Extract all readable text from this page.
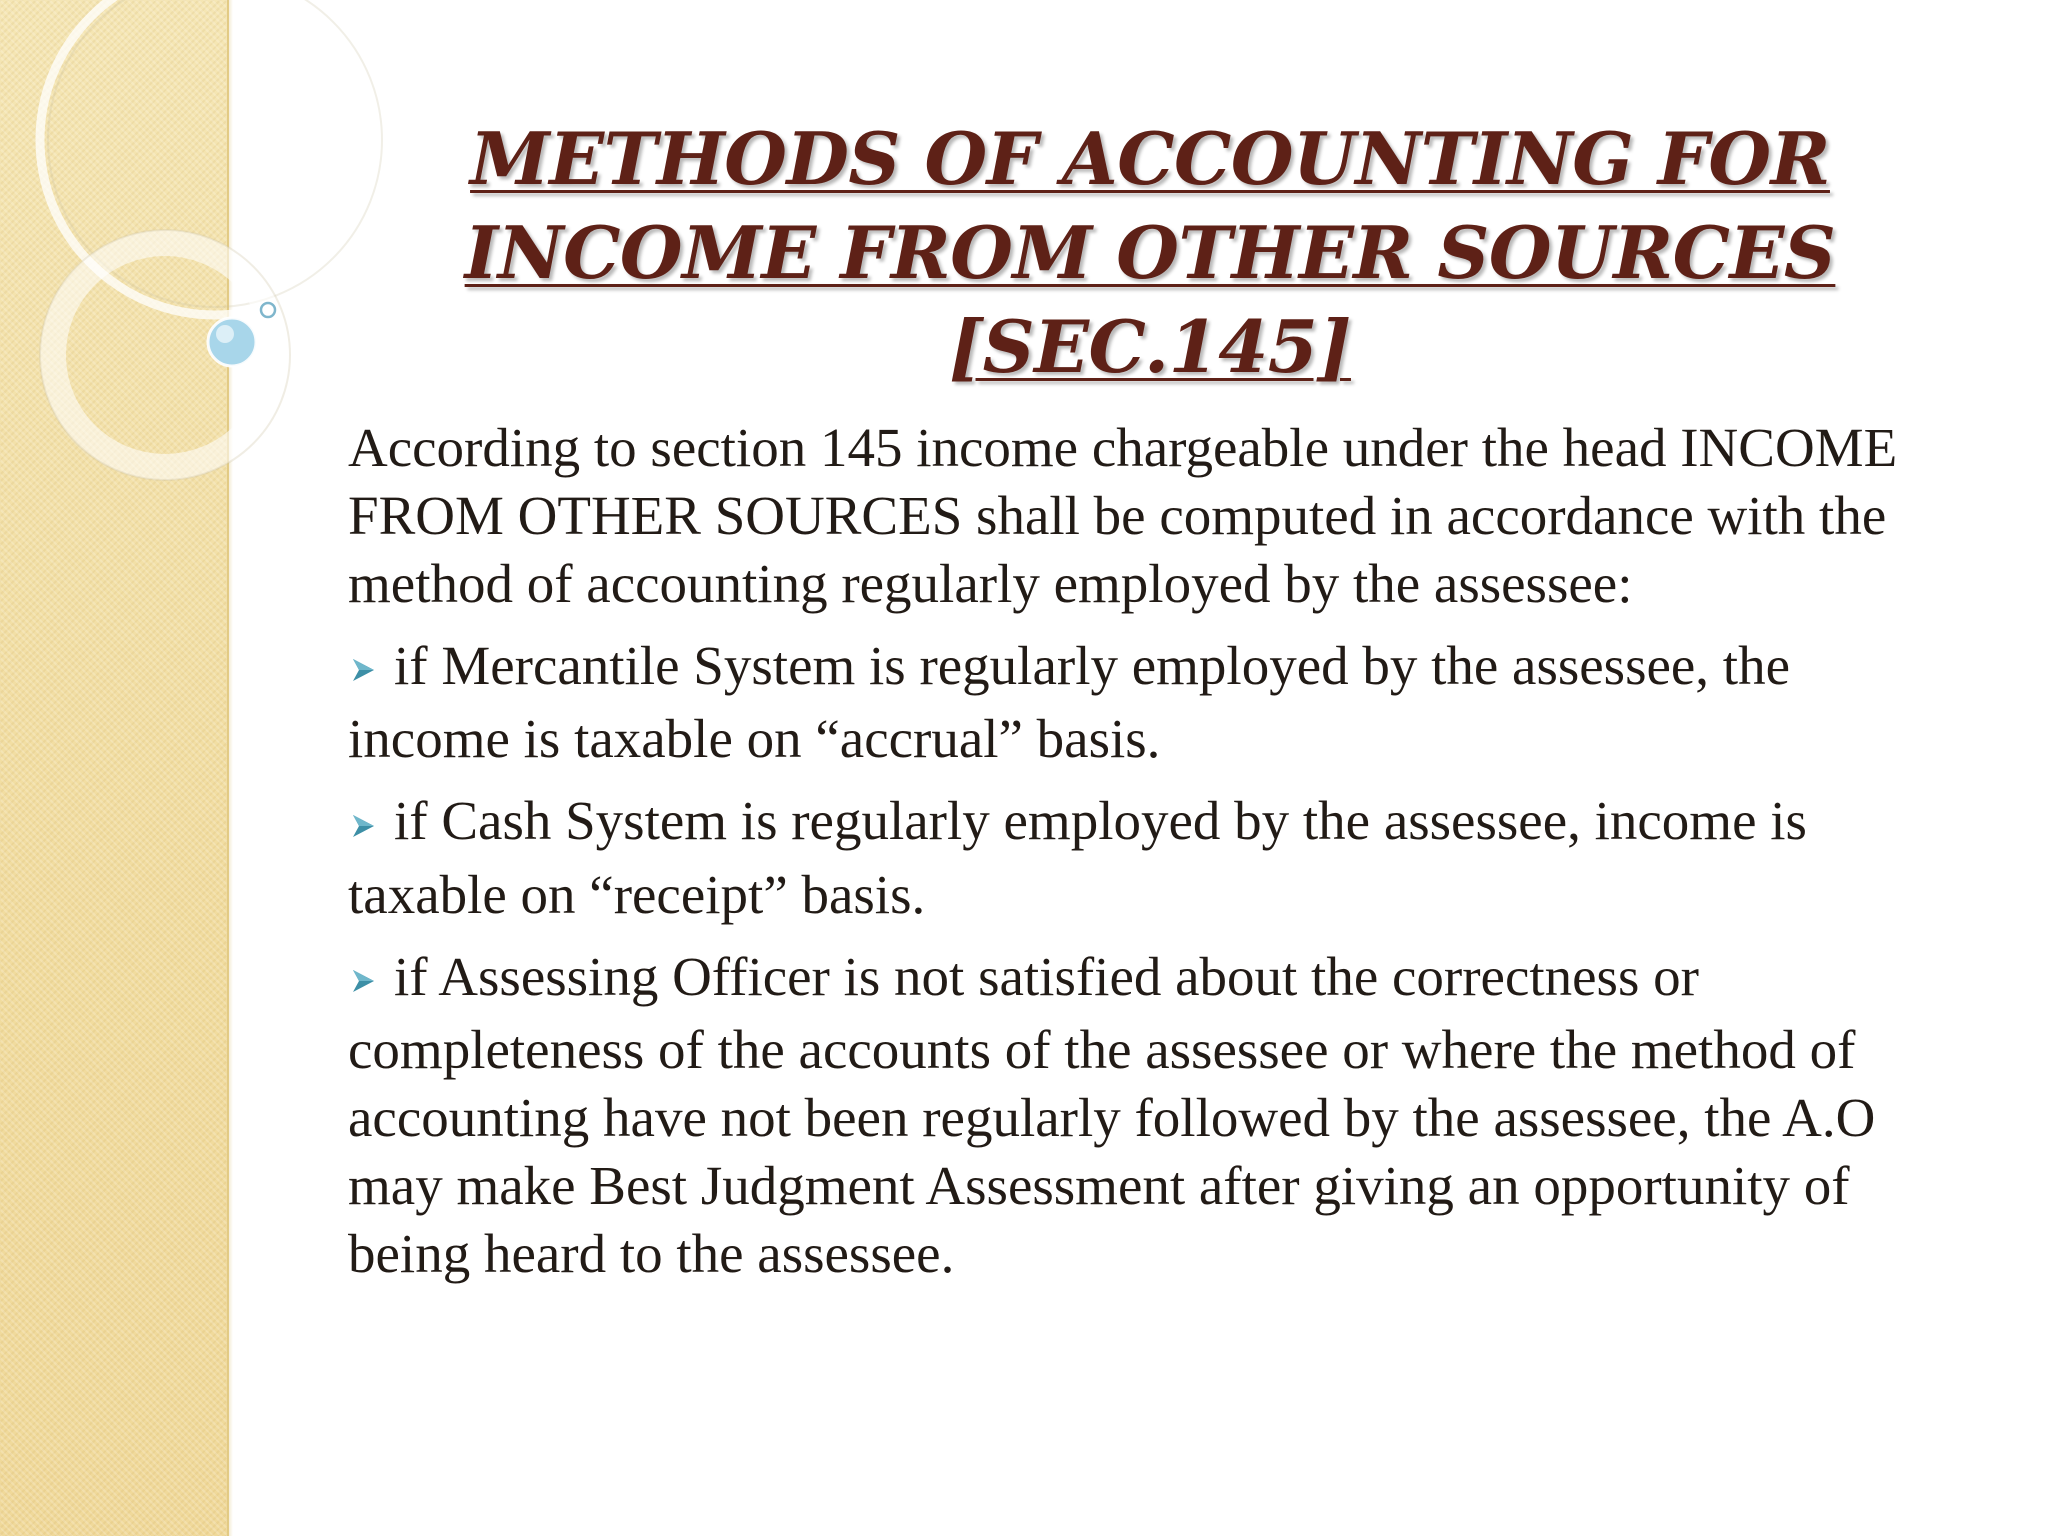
METHODS OF ACCOUNTING FOR
INCOME FROM OTHER SOURCES
[SEC.145]

According to section 145 income chargeable under the head INCOME FROM OTHER SOURCES shall be computed in accordance with the method of accounting regularly employed by the assessee:

if Mercantile System is regularly employed by the assessee, the income is taxable on “accrual” basis.

if Cash System is regularly employed by the assessee, income is taxable on “receipt” basis.

if Assessing Officer is not satisfied about the correctness or completeness of the accounts of the assessee or where the method of accounting have not been regularly followed by the assessee, the A.O may make Best Judgment Assessment after giving an opportunity of being heard to the assessee.
